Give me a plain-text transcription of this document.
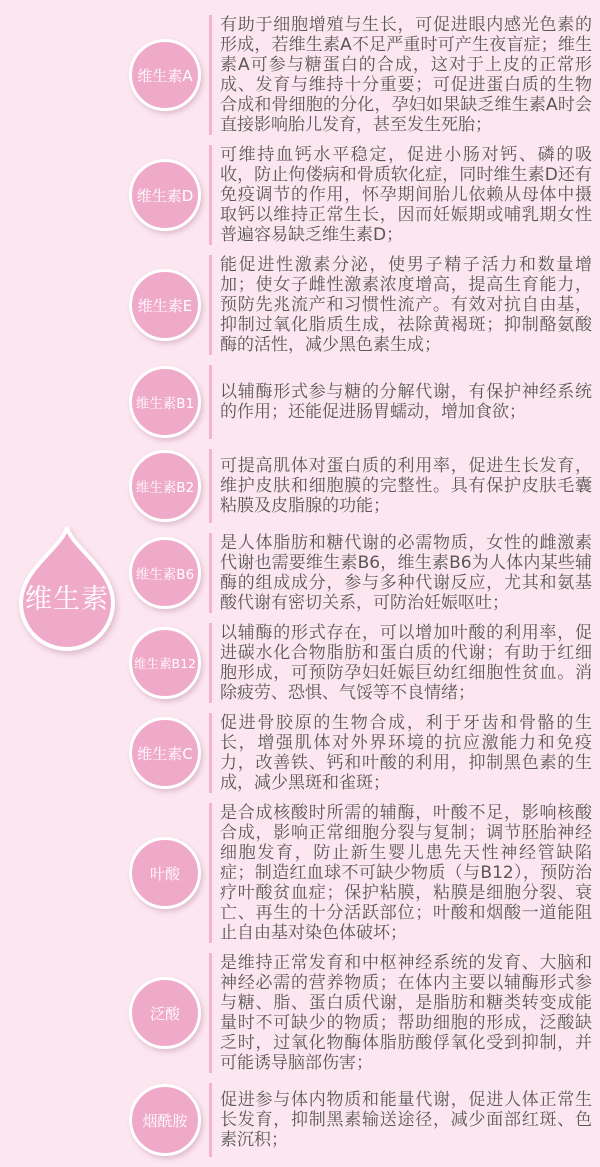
维生素
维生素A

有助于细胞增殖与生长，可促进眼内感光色素的形成，若维生素A不足严重时可产生夜盲症；维生素A可参与糖蛋白的合成，这对于上皮的正常形成、发育与维持十分重要；可促进蛋白质的生物合成和骨细胞的分化，孕妇如果缺乏维生素A时会直接影响胎儿发育，甚至发生死胎；

维生素D

可维持血钙水平稳定，促进小肠对钙、磷的吸收，防止佝偻病和骨质软化症，同时维生素D还有免疫调节的作用，怀孕期间胎儿依赖从母体中摄取钙以维持正常生长，因而妊娠期或哺乳期女性普遍容易缺乏维生素D；

维生素E

能促进性激素分泌，使男子精子活力和数量增加；使女子雌性激素浓度增高，提高生育能力，预防先兆流产和习惯性流产。有效对抗自由基，抑制过氧化脂质生成，祛除黄褐斑；抑制酪氨酸酶的活性，减少黑色素生成；

维生素B1

以辅酶形式参与糖的分解代谢，有保护神经系统的作用；还能促进肠胃蠕动，增加食欲；

维生素B2

可提高肌体对蛋白质的利用率，促进生长发育，维护皮肤和细胞膜的完整性。具有保护皮肤毛囊粘膜及皮脂腺的功能；

维生素B6

是人体脂肪和糖代谢的必需物质，女性的雌激素代谢也需要维生素B6，维生素B6为人体内某些辅酶的组成成分，参与多种代谢反应，尤其和氨基酸代谢有密切关系，可防治妊娠呕吐；

维生素B12

以辅酶的形式存在，可以增加叶酸的利用率，促进碳水化合物脂肪和蛋白质的代谢；有助于红细胞形成，可预防孕妇妊娠巨幼红细胞性贫血。消除疲劳、恐惧、气馁等不良情绪；

维生素C

促进骨胶原的生物合成，利于牙齿和骨骼的生长，增强肌体对外界环境的抗应激能力和免疫力，改善铁、钙和叶酸的利用，抑制黑色素的生成，减少黑斑和雀斑；

叶酸

是合成核酸时所需的辅酶，叶酸不足，影响核酸合成，影响正常细胞分裂与复制；调节胚胎神经细胞发育，防止新生婴儿患先天性神经管缺陷症；制造红血球不可缺少物质（与B12），预防治疗叶酸贫血症；保护粘膜，粘膜是细胞分裂、衰亡、再生的十分活跃部位；叶酸和烟酸一道能阻止自由基对染色体破坏；

泛酸

是维持正常发育和中枢神经系统的发育、大脑和神经必需的营养物质；在体内主要以辅酶形式参与糖、脂、蛋白质代谢，是脂肪和糖类转变成能量时不可缺少的物质；帮助细胞的形成，泛酸缺乏时，过氧化物酶体脂肪酸俘氧化受到抑制，并可能诱导脑部伤害；

烟酰胺

促进参与体内物质和能量代谢，促进人体正常生长发育，抑制黑素输送途径，减少面部红斑、色素沉积；
